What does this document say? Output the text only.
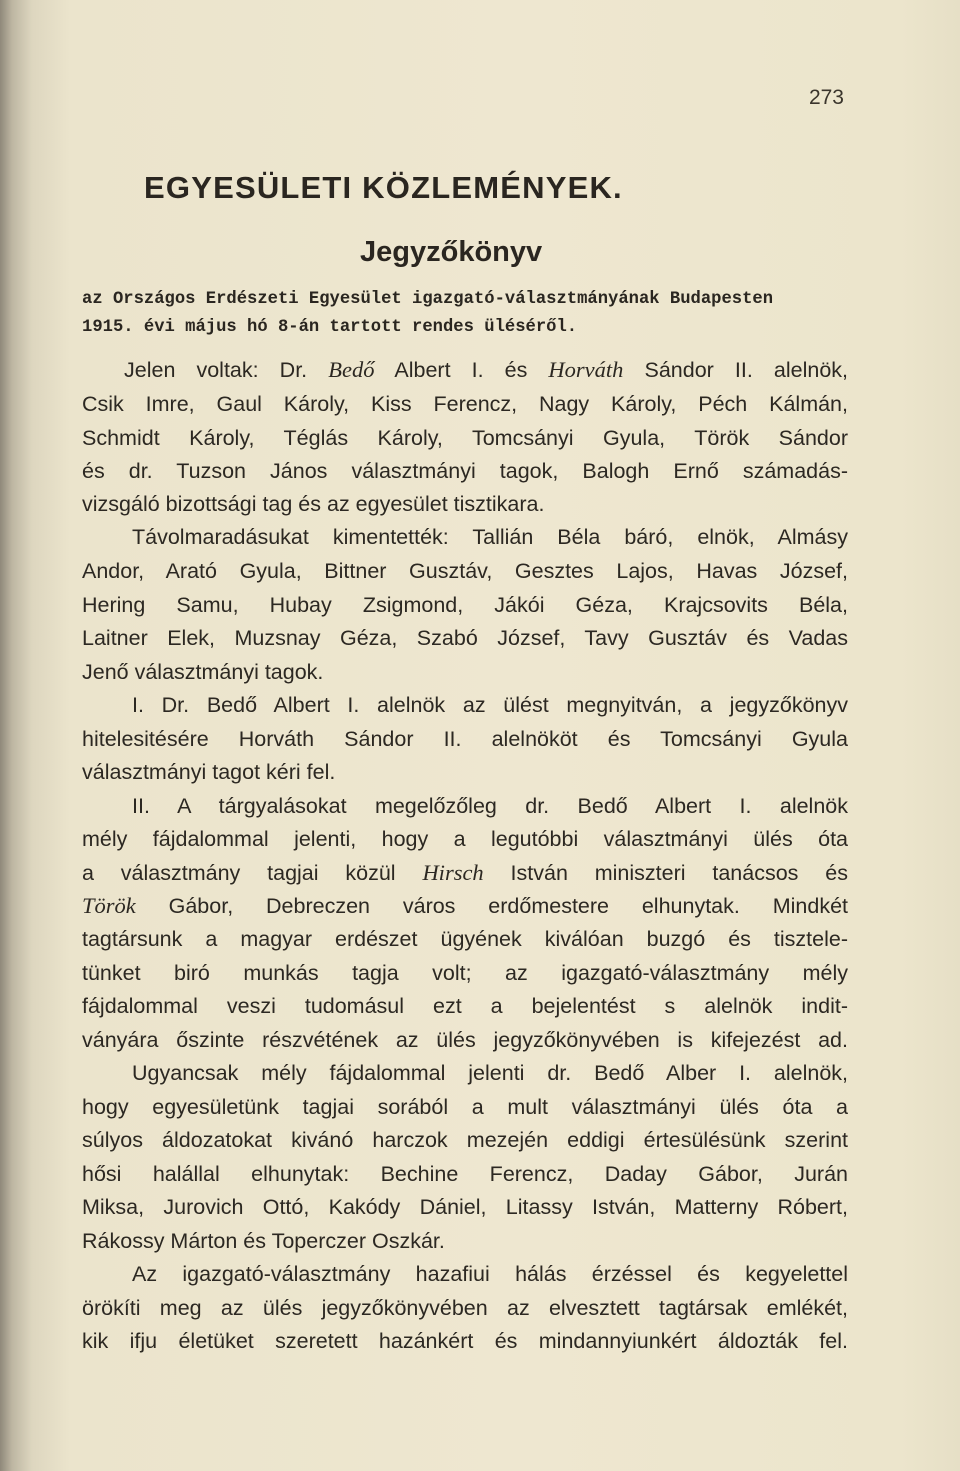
273
EGYESÜLETI KÖZLEMÉNYEK.
Jegyzőkönyv
az Országos Erdészeti Egyesület igazgató-választmányának Budapesten
1915. évi május hó 8-án tartott rendes üléséről.
Jelen voltak: Dr. Bedő Albert I. és Horváth Sándor II. alelnök,
Csik Imre, Gaul Károly, Kiss Ferencz, Nagy Károly, Péch Kálmán,
Schmidt Károly, Téglás Károly, Tomcsányi Gyula, Török Sándor
és dr. Tuzson János választmányi tagok, Balogh Ernő számadás-
vizsgáló bizottsági tag és az egyesület tisztikara.
Távolmaradásukat kimentették: Tallián Béla báró, elnök, Almásy
Andor, Arató Gyula, Bittner Gusztáv, Gesztes Lajos, Havas József,
Hering Samu, Hubay Zsigmond, Jákói Géza, Krajcsovits Béla,
Laitner Elek, Muzsnay Géza, Szabó József, Tavy Gusztáv és Vadas
Jenő választmányi tagok.
I. Dr. Bedő Albert I. alelnök az ülést megnyitván, a jegyzőkönyv
hitelesitésére Horváth Sándor II. alelnököt és Tomcsányi Gyula
választmányi tagot kéri fel.
II. A tárgyalásokat megelőzőleg dr. Bedő Albert I. alelnök
mély fájdalommal jelenti, hogy a legutóbbi választmányi ülés óta
a választmány tagjai közül Hirsch István miniszteri tanácsos és
Török Gábor, Debreczen város erdőmestere elhunytak. Mindkét
tagtársunk a magyar erdészet ügyének kiválóan buzgó és tisztele-
tünket biró munkás tagja volt; az igazgató-választmány mély
fájdalommal veszi tudomásul ezt a bejelentést s alelnök indit-
ványára őszinte részvétének az ülés jegyzőkönyvében is kifejezést ad.
Ugyancsak mély fájdalommal jelenti dr. Bedő Alber I. alelnök,
hogy egyesületünk tagjai sorából a mult választmányi ülés óta a
súlyos áldozatokat kivánó harczok mezején eddigi értesülésünk szerint
hősi halállal elhunytak: Bechine Ferencz, Daday Gábor, Jurán
Miksa, Jurovich Ottó, Kakódy Dániel, Litassy István, Matterny Róbert,
Rákossy Márton és Toperczer Oszkár.
Az igazgató-választmány hazafiui hálás érzéssel és kegyelettel
örökíti meg az ülés jegyzőkönyvében az elvesztett tagtársak emlékét,
kik ifju életüket szeretett hazánkért és mindannyiunkért áldozták fel.
